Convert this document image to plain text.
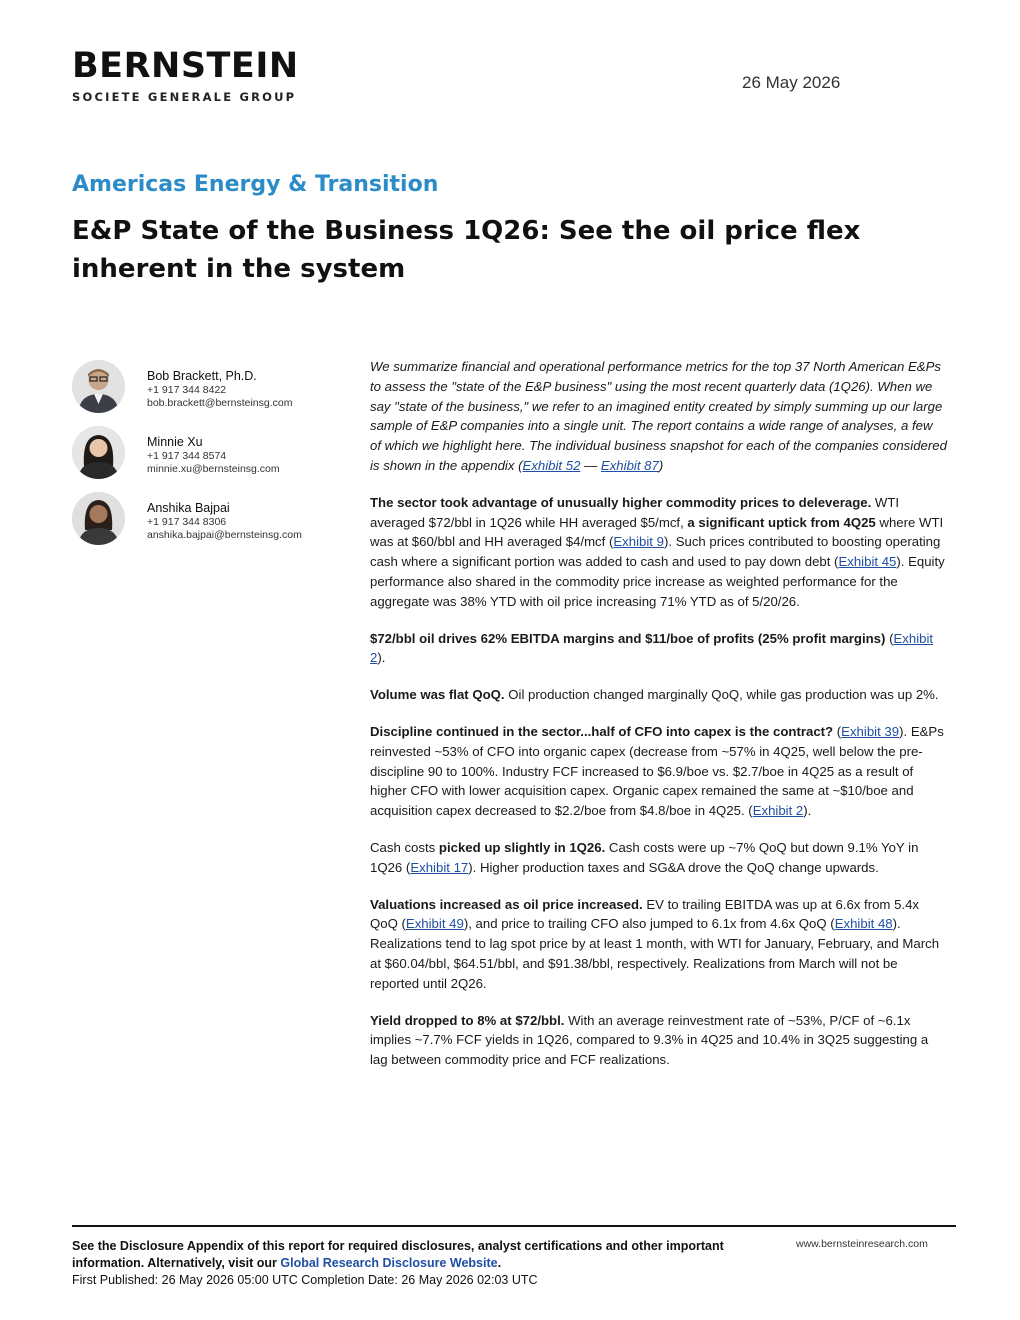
BERNSTEIN
SOCIETE GENERALE GROUP
26 May 2026
Americas Energy & Transition
E&P State of the Business 1Q26: See the oil price flex inherent in the system
Bob Brackett, Ph.D.
+1 917 344 8422
bob.brackett@bernsteinsg.com
Minnie Xu
+1 917 344 8574
minnie.xu@bernsteinsg.com
Anshika Bajpai
+1 917 344 8306
anshika.bajpai@bernsteinsg.com

We summarize financial and operational performance metrics for the top 37 North American E&Ps to assess the "state of the E&P business" using the most recent quarterly data (1Q26). When we say "state of the business," we refer to an imagined entity created by simply summing up our large sample of E&P companies into a single unit. The report contains a wide range of analyses, a few of which we highlight here. The individual business snapshot for each of the companies considered is shown in the appendix (Exhibit 52 — Exhibit 87)

The sector took advantage of unusually higher commodity prices to deleverage. WTI averaged $72/bbl in 1Q26 while HH averaged $5/mcf, a significant uptick from 4Q25 where WTI was at $60/bbl and HH averaged $4/mcf (Exhibit 9). Such prices contributed to boosting operating cash where a significant portion was added to cash and used to pay down debt (Exhibit 45). Equity performance also shared in the commodity price increase as weighted performance for the aggregate was 38% YTD with oil price increasing 71% YTD as of 5/20/26.

$72/bbl oil drives 62% EBITDA margins and $11/boe of profits (25% profit margins) (Exhibit 2).

Volume was flat QoQ. Oil production changed marginally QoQ, while gas production was up 2%.

Discipline continued in the sector...half of CFO into capex is the contract? (Exhibit 39). E&Ps reinvested ~53% of CFO into organic capex (decrease from ~57% in 4Q25, well below the pre-discipline 90 to 100%. Industry FCF increased to $6.9/boe vs. $2.7/boe in 4Q25 as a result of higher CFO with lower acquisition capex. Organic capex remained the same at ~$10/boe and acquisition capex decreased to $2.2/boe from $4.8/boe in 4Q25. (Exhibit 2).

Cash costs picked up slightly in 1Q26. Cash costs were up ~7% QoQ but down 9.1% YoY in 1Q26 (Exhibit 17). Higher production taxes and SG&A drove the QoQ change upwards.

Valuations increased as oil price increased. EV to trailing EBITDA was up at 6.6x from 5.4x QoQ (Exhibit 49), and price to trailing CFO also jumped to 6.1x from 4.6x QoQ (Exhibit 48). Realizations tend to lag spot price by at least 1 month, with WTI for January, February, and March at $60.04/bbl, $64.51/bbl, and $91.38/bbl, respectively. Realizations from March will not be reported until 2Q26.

Yield dropped to 8% at $72/bbl. With an average reinvestment rate of ~53%, P/CF of ~6.1x implies ~7.7% FCF yields in 1Q26, compared to 9.3% in 4Q25 and 10.4% in 3Q25 suggesting a lag between commodity price and FCF realizations.

See the Disclosure Appendix of this report for required disclosures, analyst certifications and other important information. Alternatively, visit our Global Research Disclosure Website.
First Published: 26 May 2026 05:00 UTC Completion Date: 26 May 2026 02:03 UTC
www.bernsteinresearch.com
